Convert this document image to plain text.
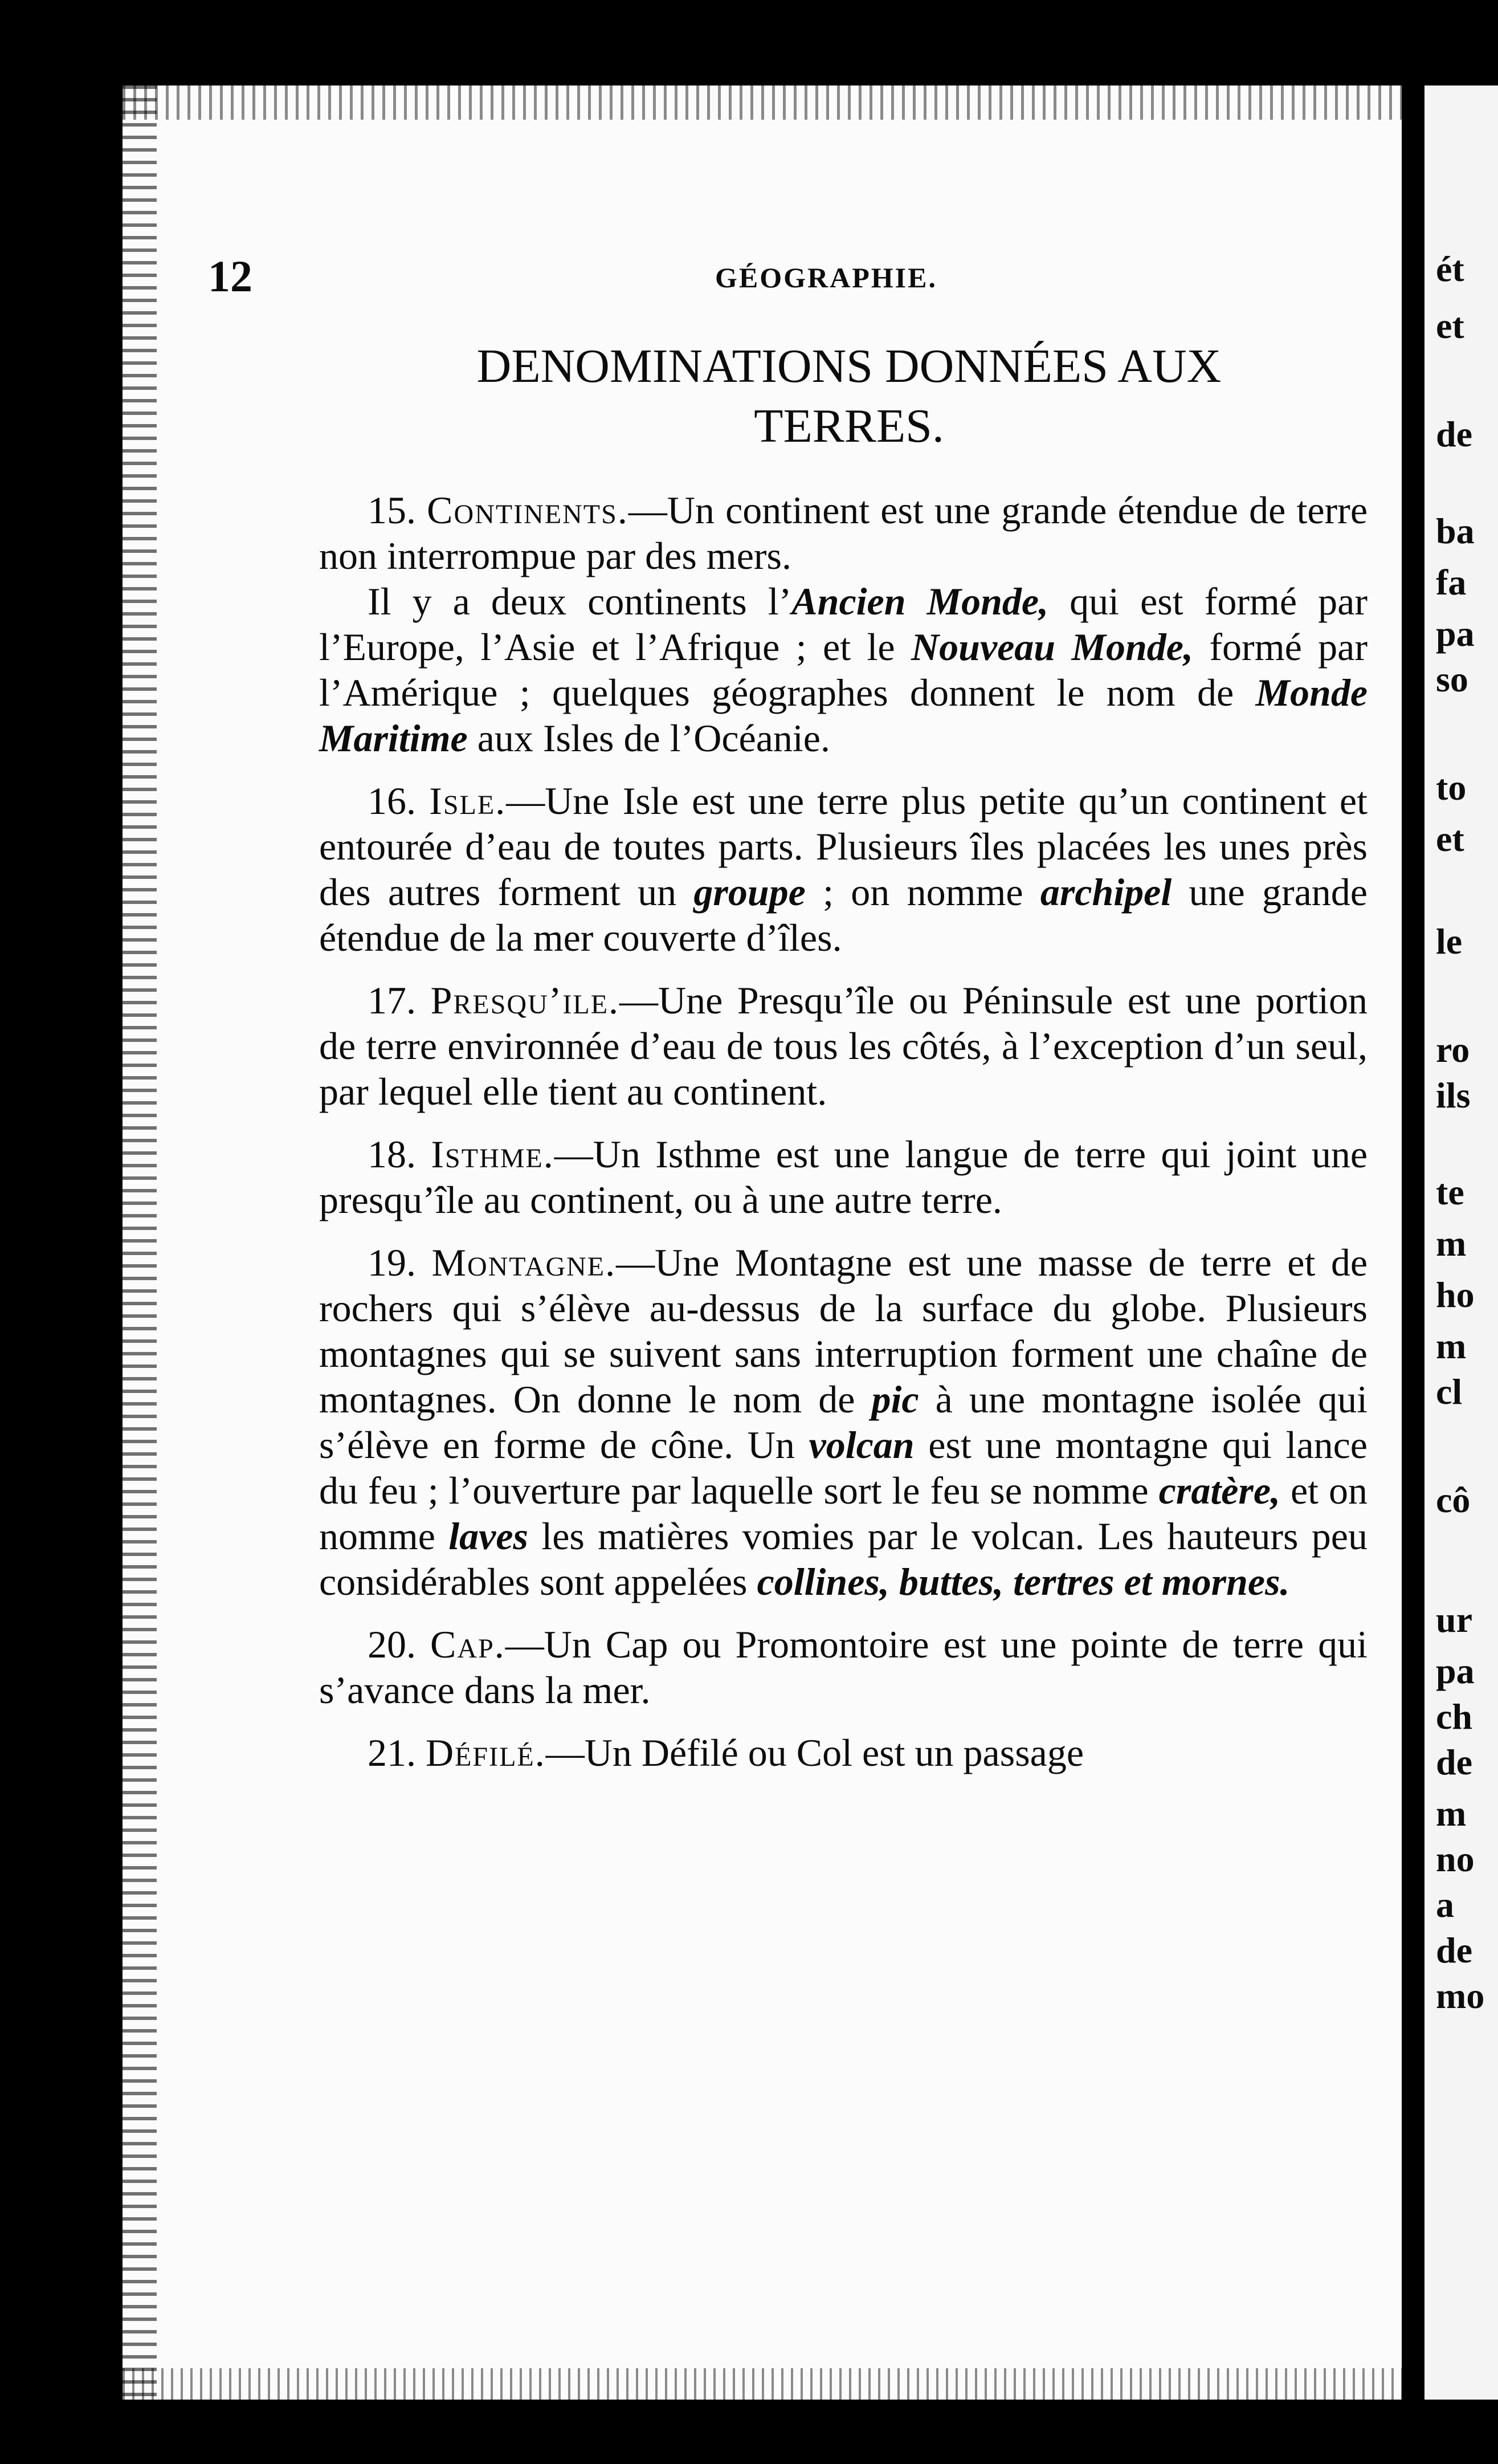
ét
et
de
ba
fa
pa
so
to
et
le
ro
ils
te
m
ho
m
cl
cô
ur
pa
ch
de
m
no
a
de
mo
12	GÉOGRAPHIE.
DENOMINATIONS DONNÉES AUX
TERRES.

15. Continents.—Un continent est une grande étendue de terre non interrompue par des mers.

Il y a deux continents l’Ancien Monde, qui est formé par l’Europe, l’Asie et l’Afrique ; et le Nouveau Monde, formé par l’Amérique ; quelques géographes donnent le nom de Monde Maritime aux Isles de l’Océanie.

16. Isle.—Une Isle est une terre plus petite qu’un continent et entourée d’eau de toutes parts. Plusieurs îles placées les unes près des autres forment un groupe ; on nomme archipel une grande étendue de la mer couverte d’îles.

17. Presqu’ile.—Une Presqu’île ou Péninsule est une portion de terre environnée d’eau de tous les côtés, à l’exception d’un seul, par lequel elle tient au continent.

18. Isthme.—Un Isthme est une langue de terre qui joint une presqu’île au continent, ou à une autre terre.

19. Montagne.—Une Montagne est une masse de terre et de rochers qui s’élève au-dessus de la surface du globe. Plusieurs montagnes qui se suivent sans interruption forment une chaîne de montagnes. On donne le nom de pic à une montagne isolée qui s’élève en forme de cône. Un volcan est une montagne qui lance du feu ; l’ouverture par laquelle sort le feu se nomme cratère, et on nomme laves les matières vomies par le volcan. Les hauteurs peu considérables sont appelées collines, buttes, tertres et mornes.

20. Cap.—Un Cap ou Promontoire est une pointe de terre qui s’avance dans la mer.

21. Défilé.—Un Défilé ou Col est un passage
